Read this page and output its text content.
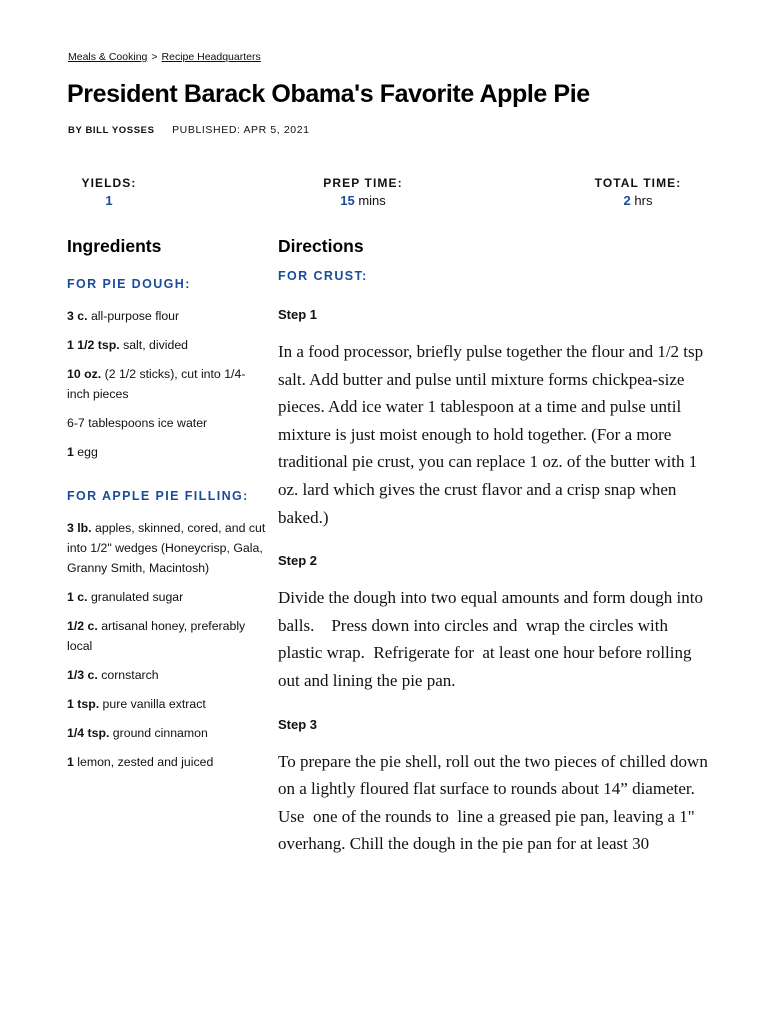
Meals & Cooking > Recipe Headquarters
President Barack Obama's Favorite Apple Pie
BY BILL YOSSES PUBLISHED: APR 5, 2021
YIELDS:
1
PREP TIME:
15 mins
TOTAL TIME:
2 hrs
Ingredients
FOR PIE DOUGH:
3 c. all-purpose flour
1 1/2 tsp. salt, divided
10 oz. (2 1/2 sticks), cut into 1/4-inch pieces
6-7 tablespoons ice water
1 egg
FOR APPLE PIE FILLING:
3 lb. apples, skinned, cored, and cut into 1/2" wedges (Honeycrisp, Gala, Granny Smith, Macintosh)
1 c. granulated sugar
1/2 c. artisanal honey, preferably local
1/3 c. cornstarch
1 tsp. pure vanilla extract
1/4 tsp. ground cinnamon
1 lemon, zested and juiced
Directions
FOR CRUST:
Step 1

In a food processor, briefly pulse together the flour and 1/2 tsp  salt. Add butter and pulse until mixture forms chickpea-size pieces. Add ice water 1 tablespoon at a time and pulse until mixture is just moist enough to hold together. (For a more traditional pie crust, you can replace 1 oz. of the butter with 1 oz. lard which gives the crust flavor and a crisp snap when baked.)

Step 2

Divide the dough into two equal amounts and form dough into balls.    Press down into circles and  wrap the circles with plastic wrap.  Refrigerate for  at least one hour before rolling out and lining the pie pan.

Step 3

To prepare the pie shell, roll out the two pieces of chilled down  on a lightly floured flat surface to rounds about 14” diameter. Use  one of the rounds to  line a greased pie pan, leaving a 1" overhang. Chill the dough in the pie pan for at least 30
